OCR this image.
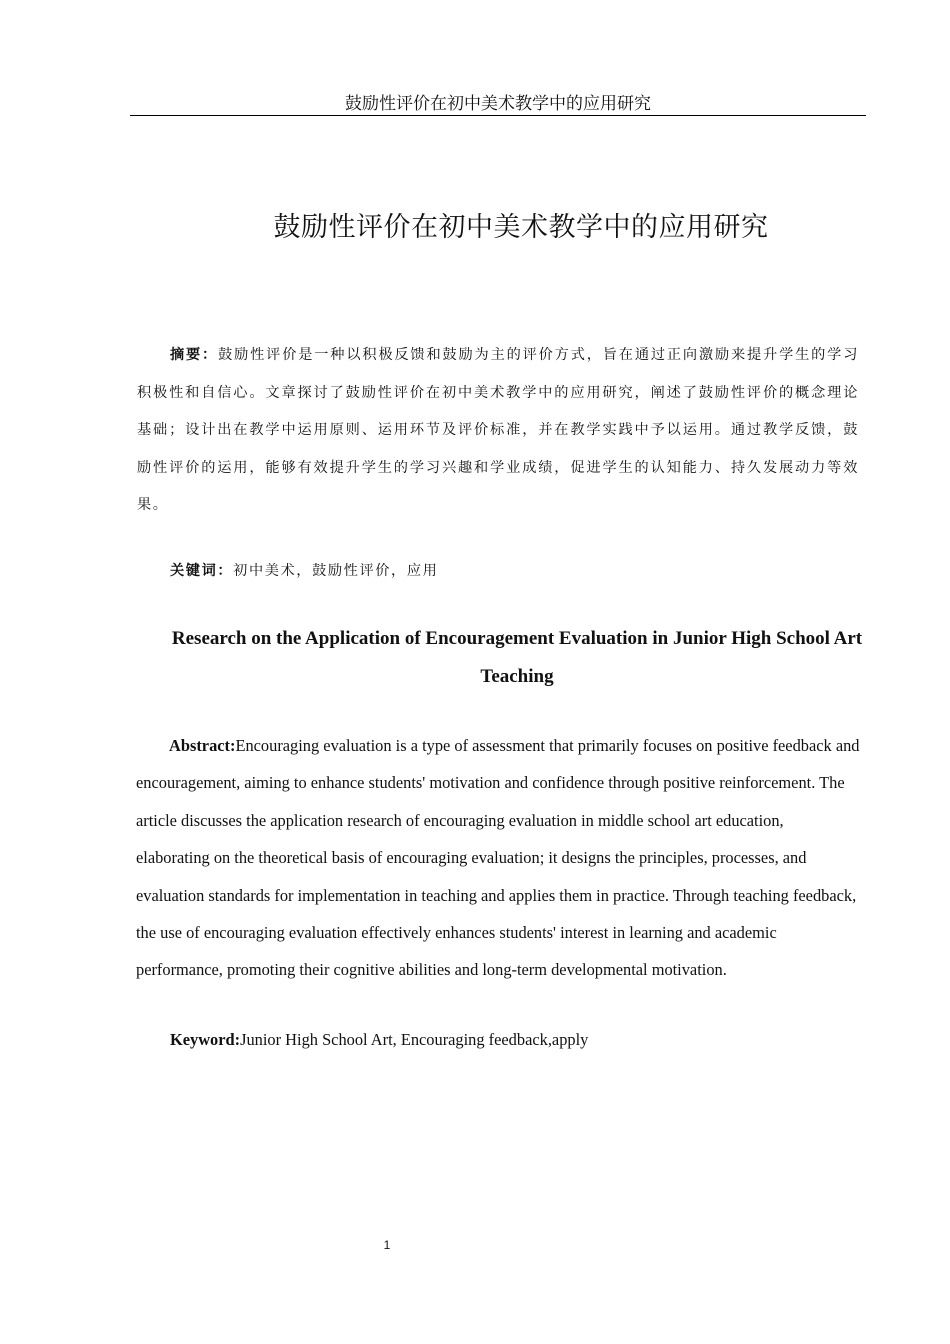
鼓励性评价在初中美术教学中的应用研究
鼓励性评价在初中美术教学中的应用研究

摘要：鼓励性评价是一种以积极反馈和鼓励为主的评价方式，旨在通过正向激励来提升学生的学习积极性和自信心。文章探讨了鼓励性评价在初中美术教学中的应用研究，阐述了鼓励性评价的概念理论基础；设计出在教学中运用原则、运用环节及评价标准，并在教学实践中予以运用。通过教学反馈，鼓励性评价的运用，能够有效提升学生的学习兴趣和学业成绩，促进学生的认知能力、持久发展动力等效果。

关键词：初中美术，鼓励性评价，应用

Research on the Application of Encouragement Evaluation in Junior High School Art Teaching

Abstract:Encouraging evaluation is a type of assessment that primarily focuses on positive feedback and encouragement, aiming to enhance students' motivation and confidence through positive reinforcement. The article discusses the application research of encouraging evaluation in middle school art education, elaborating on the theoretical basis of encouraging evaluation; it designs the principles, processes, and evaluation standards for implementation in teaching and applies them in practice. Through teaching feedback, the use of encouraging evaluation effectively enhances students' interest in learning and academic performance, promoting their cognitive abilities and long-term developmental motivation.

Keyword:Junior High School Art, Encouraging feedback,apply

1
